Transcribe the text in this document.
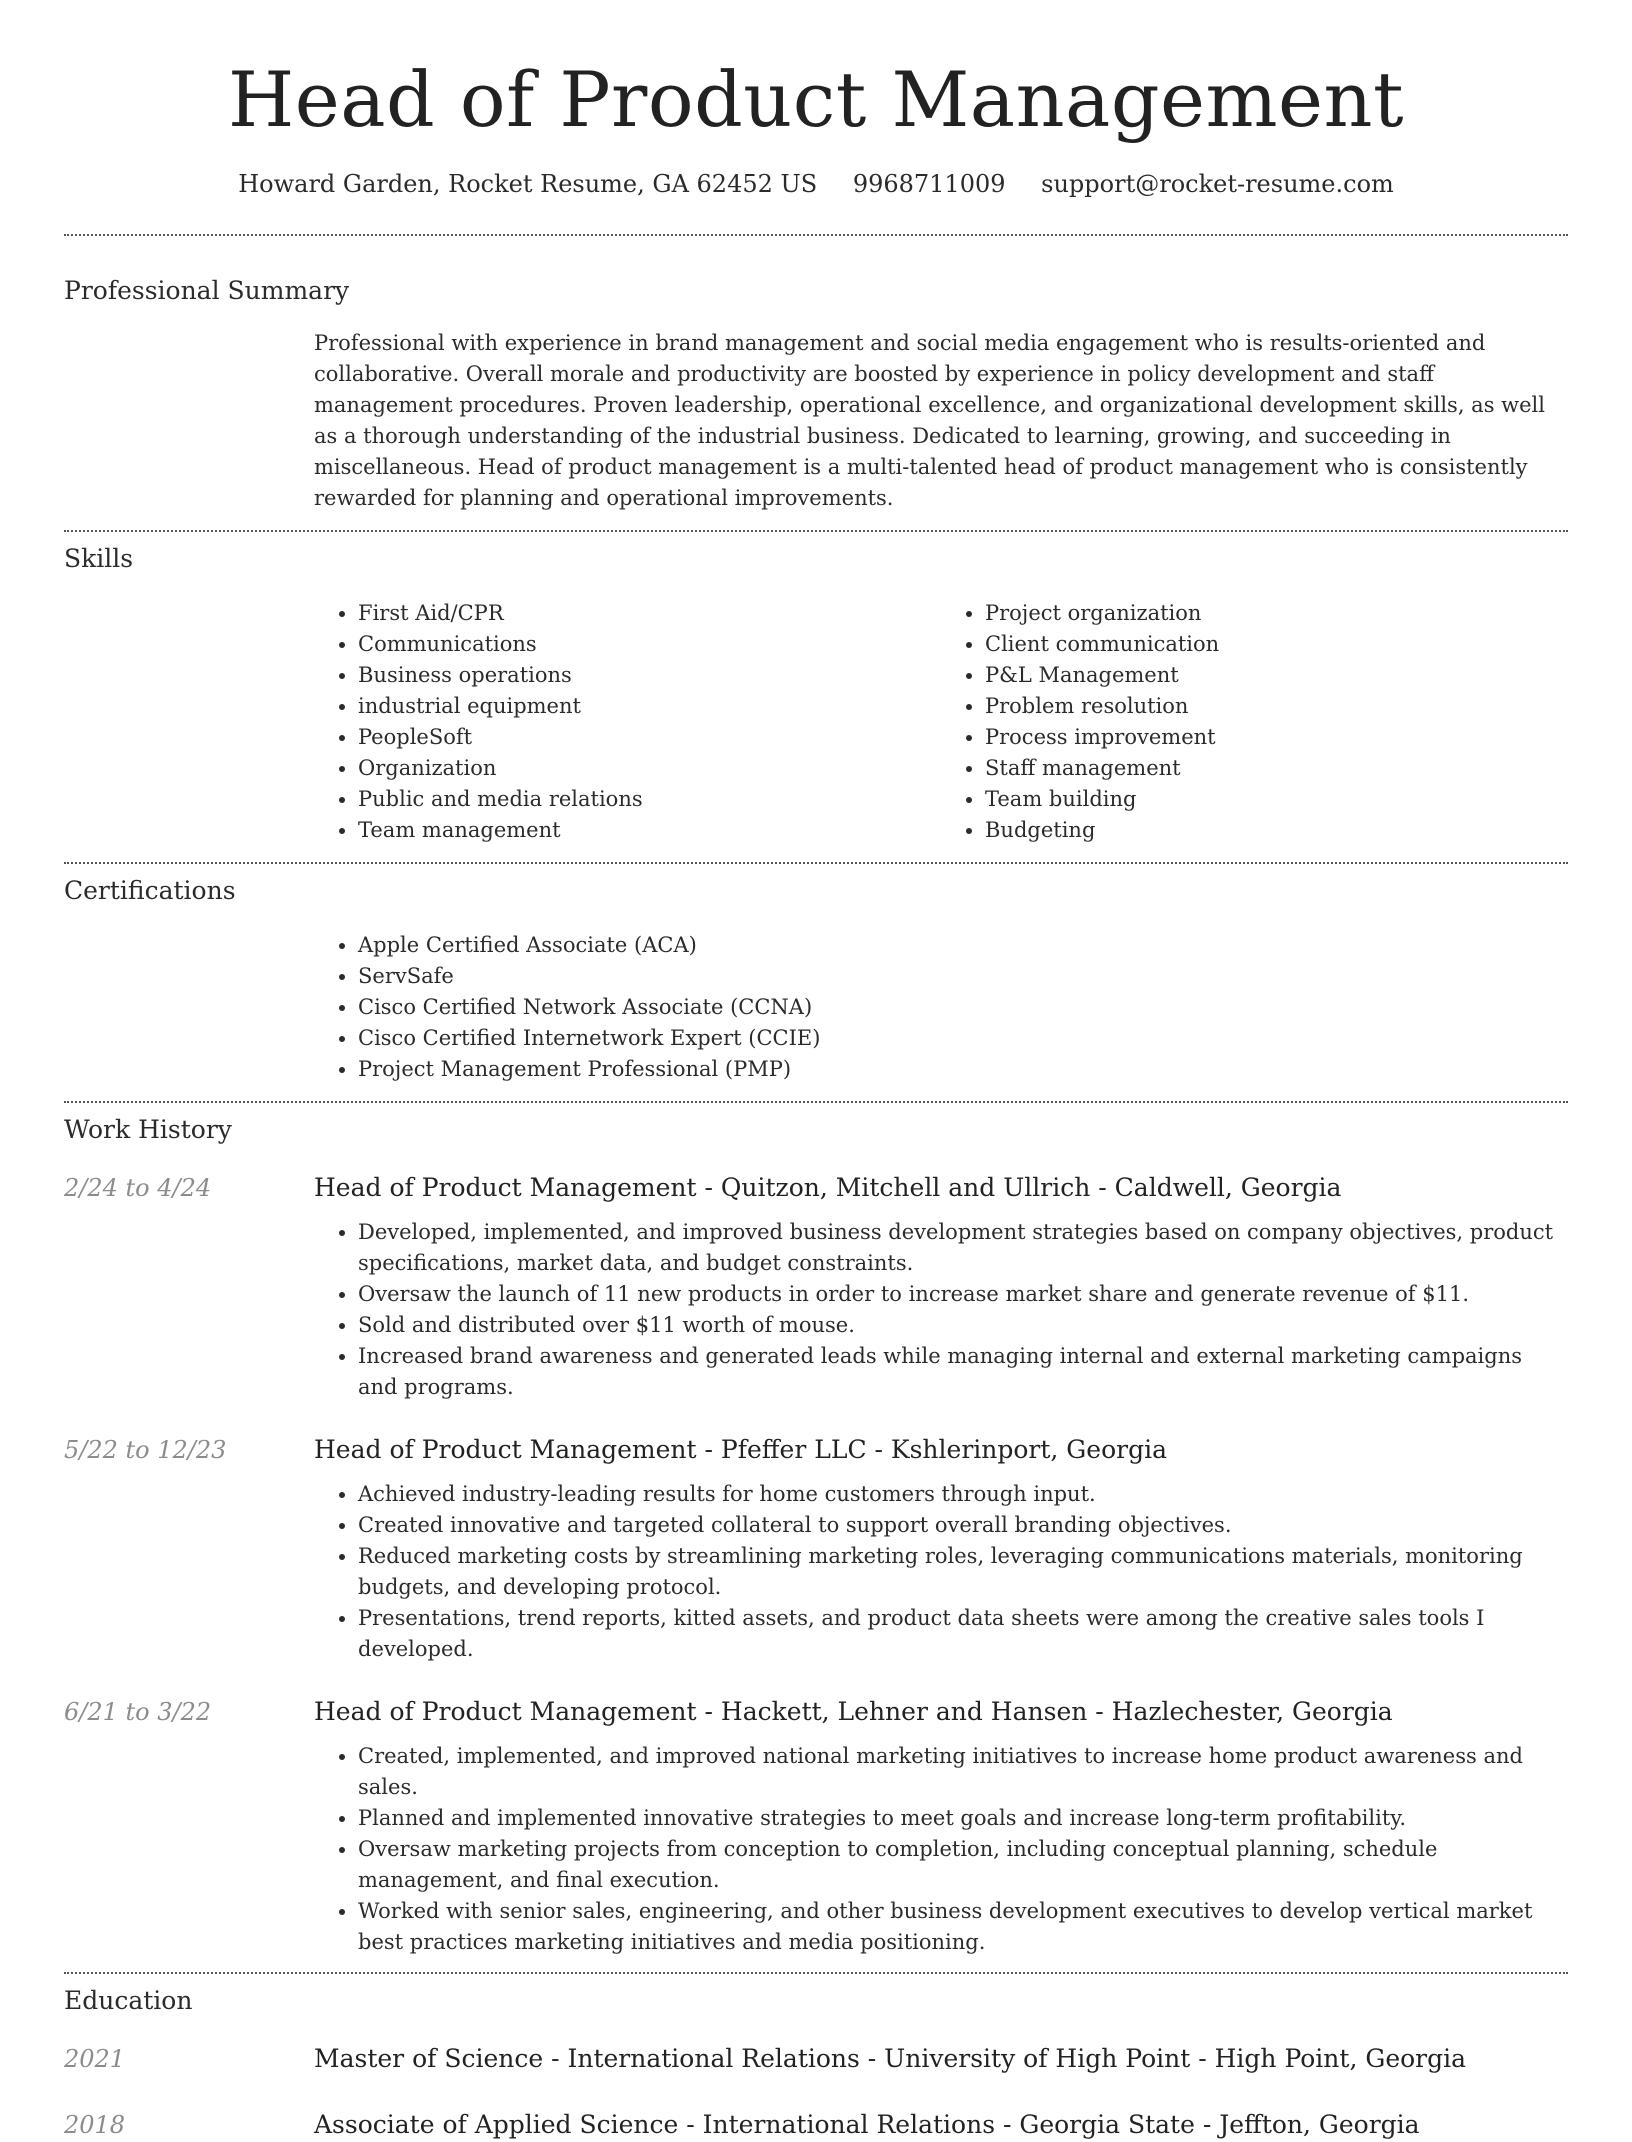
Head of Product Management
Howard Garden, Rocket Resume, GA 62452 US 9968711009 support@rocket-resume.com
Professional Summary
Professional with experience in brand management and social media engagement who is results-oriented and collaborative. Overall morale and productivity are boosted by experience in policy development and staff management procedures. Proven leadership, operational excellence, and organizational development skills, as well as a thorough understanding of the industrial business. Dedicated to learning, growing, and succeeding in miscellaneous. Head of product management is a multi-talented head of product management who is consistently rewarded for planning and operational improvements.
Skills
• First Aid/CPR
• Communications
• Business operations
• industrial equipment
• PeopleSoft
• Organization
• Public and media relations
• Team management
• Project organization
• Client communication
• P&L Management
• Problem resolution
• Process improvement
• Staff management
• Team building
• Budgeting
Certifications
• Apple Certified Associate (ACA)
• ServSafe
• Cisco Certified Network Associate (CCNA)
• Cisco Certified Internetwork Expert (CCIE)
• Project Management Professional (PMP)
Work History
2/24 to 4/24	Head of Product Management - Quitzon, Mitchell and Ullrich - Caldwell, Georgia
• Developed, implemented, and improved business development strategies based on company objectives, product specifications, market data, and budget constraints.
• Oversaw the launch of 11 new products in order to increase market share and generate revenue of $11.
• Sold and distributed over $11 worth of mouse.
• Increased brand awareness and generated leads while managing internal and external marketing campaigns and programs.
5/22 to 12/23	Head of Product Management - Pfeffer LLC - Kshlerinport, Georgia
• Achieved industry-leading results for home customers through input.
• Created innovative and targeted collateral to support overall branding objectives.
• Reduced marketing costs by streamlining marketing roles, leveraging communications materials, monitoring budgets, and developing protocol.
• Presentations, trend reports, kitted assets, and product data sheets were among the creative sales tools I developed.
6/21 to 3/22	Head of Product Management - Hackett, Lehner and Hansen - Hazlechester, Georgia
• Created, implemented, and improved national marketing initiatives to increase home product awareness and sales.
• Planned and implemented innovative strategies to meet goals and increase long-term profitability.
• Oversaw marketing projects from conception to completion, including conceptual planning, schedule management, and final execution.
• Worked with senior sales, engineering, and other business development executives to develop vertical market best practices marketing initiatives and media positioning.
Education
2021	Master of Science - International Relations - University of High Point - High Point, Georgia
2018	Associate of Applied Science - International Relations - Georgia State - Jeffton, Georgia
